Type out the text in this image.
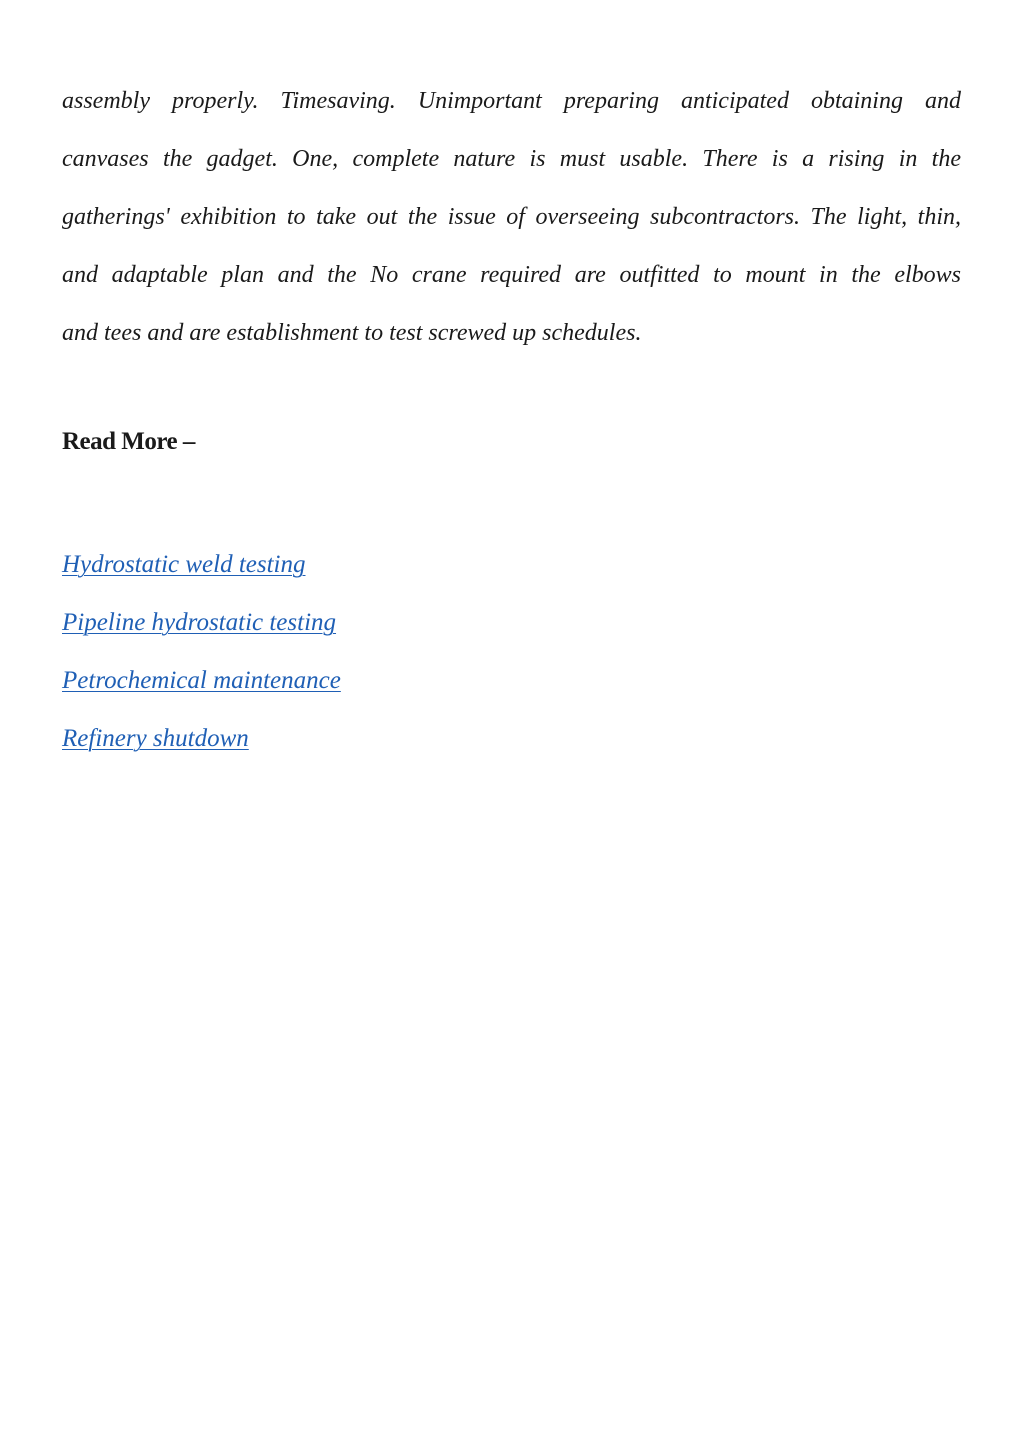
assembly properly. Timesaving. Unimportant preparing anticipated obtaining and
canvases the gadget. One, complete nature is must usable. There is a rising in the
gatherings' exhibition to take out the issue of overseeing subcontractors. The light, thin,
and adaptable plan and the No crane required are outfitted to mount in the elbows
and tees and are establishment to test screwed up schedules.
Read More –
Hydrostatic weld testing
Pipeline hydrostatic testing
Petrochemical maintenance
Refinery shutdown
